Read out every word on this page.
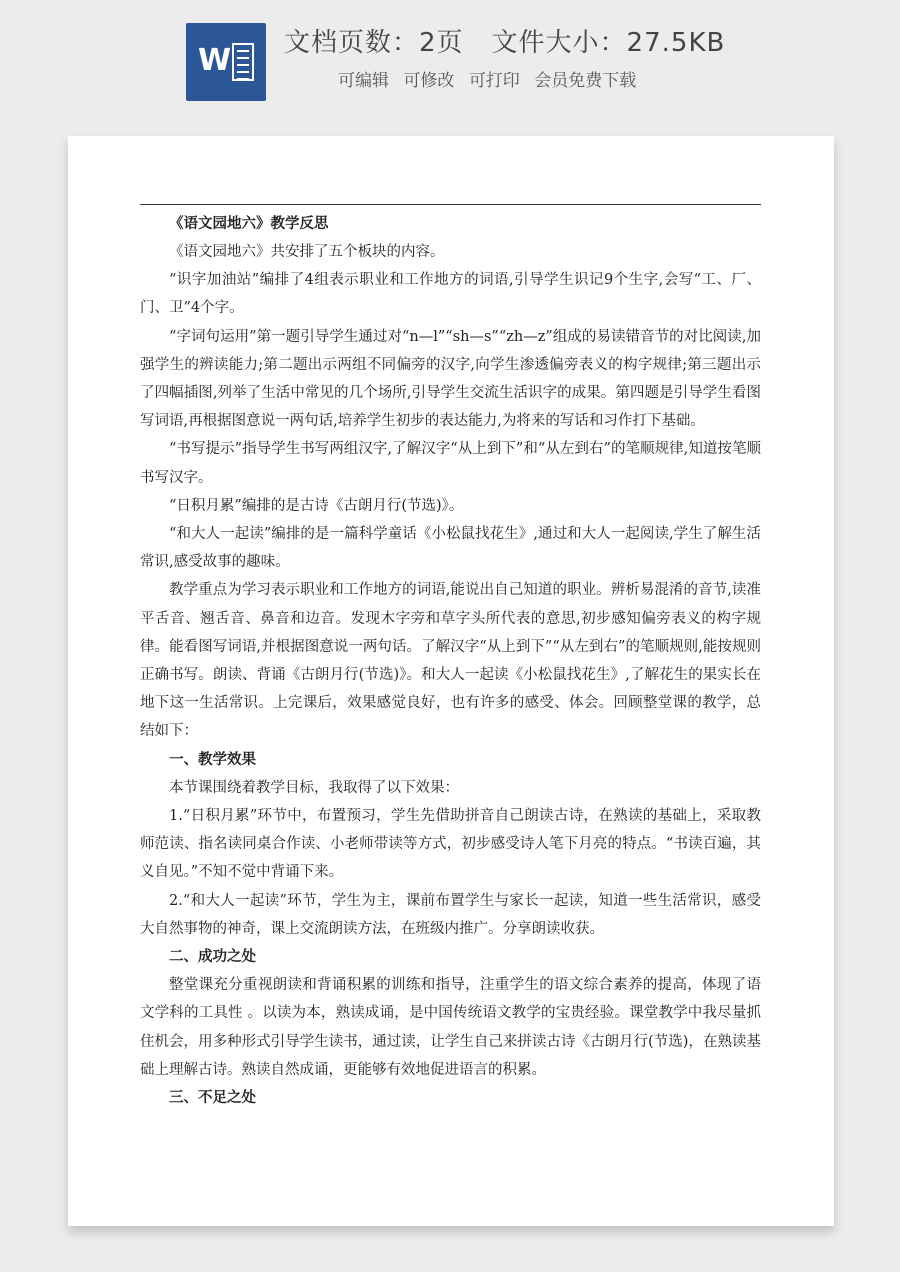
W 文档页数：2页 文件大小：27.5KB
可编辑 可修改 可打印 会员免费下载

《语文园地六》教学反思

《语文园地六》共安排了五个板块的内容。

“识字加油站”编排了4组表示职业和工作地方的词语,引导学生识记9个生字,会写“工、厂、门、卫”4个字。

“字词句运用”第一题引导学生通过对“n—l”“sh—s”“zh—z”组成的易读错音节的对比阅读,加强学生的辨读能力;第二题出示两组不同偏旁的汉字,向学生渗透偏旁表义的构字规律;第三题出示了四幅插图,列举了生活中常见的几个场所,引导学生交流生活识字的成果。第四题是引导学生看图写词语,再根据图意说一两句话,培养学生初步的表达能力,为将来的写话和习作打下基础。

“书写提示”指导学生书写两组汉字,了解汉字“从上到下”和“从左到右”的笔顺规律,知道按笔顺书写汉字。

“日积月累”编排的是古诗《古朗月行(节选)》。

“和大人一起读”编排的是一篇科学童话《小松鼠找花生》,通过和大人一起阅读,学生了解生活常识,感受故事的趣味。

教学重点为学习表示职业和工作地方的词语,能说出自己知道的职业。辨析易混淆的音节,读准平舌音、翘舌音、鼻音和边音。发现木字旁和草字头所代表的意思,初步感知偏旁表义的构字规律。能看图写词语,并根据图意说一两句话。了解汉字“从上到下”“从左到右”的笔顺规则,能按规则正确书写。朗读、背诵《古朗月行(节选)》。和大人一起读《小松鼠找花生》,了解花生的果实长在地下这一生活常识。上完课后，效果感觉良好，也有许多的感受、体会。回顾整堂课的教学，总结如下：

一、教学效果

本节课围绕着教学目标，我取得了以下效果：

1.“日积月累”环节中，布置预习，学生先借助拼音自己朗读古诗，在熟读的基础上，采取教师范读、指名读同桌合作读、小老师带读等方式，初步感受诗人笔下月亮的特点。“书读百遍，其义自见。”不知不觉中背诵下来。

2.“和大人一起读”环节，学生为主，课前布置学生与家长一起读，知道一些生活常识，感受大自然事物的神奇，课上交流朗读方法，在班级内推广。分享朗读收获。

二、成功之处

整堂课充分重视朗读和背诵积累的训练和指导，注重学生的语文综合素养的提高，体现了语文学科的工具性 。以读为本，熟读成诵，是中国传统语文教学的宝贵经验。课堂教学中我尽量抓住机会，用多种形式引导学生读书，通过读，让学生自己来拼读古诗《古朗月行(节选)，在熟读基础上理解古诗。熟读自然成诵，更能够有效地促进语言的积累。

三、不足之处
